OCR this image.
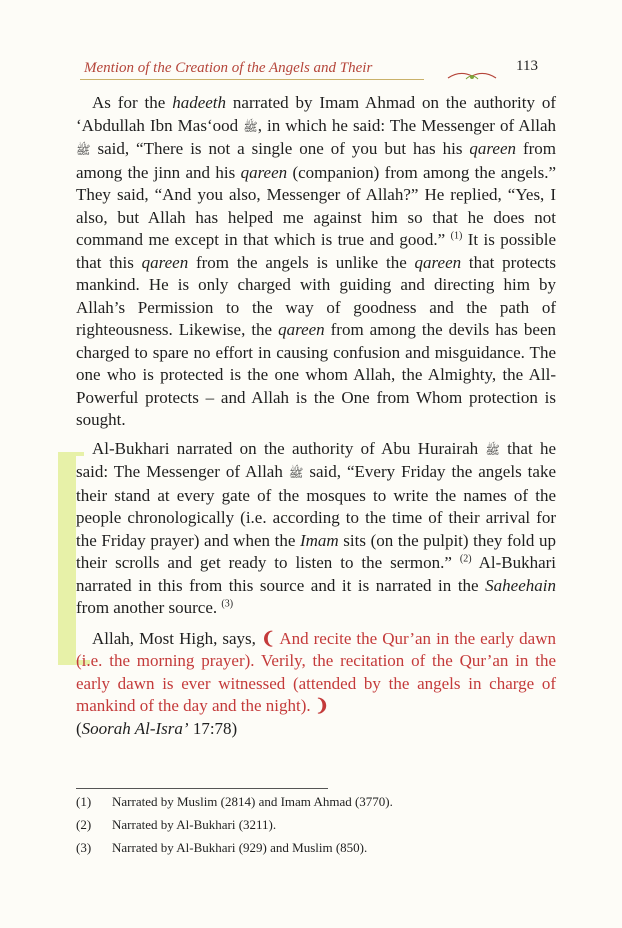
Mention of the Creation of the Angels and Their	113

As for the hadeeth narrated by Imam Ahmad on the authority of ‘Abdullah Ibn Mas‘ood ﷺ, in which he said: The Messenger of Allah ﷺ said, “There is not a single one of you but has his qareen from among the jinn and his qareen (companion) from among the angels.” They said, “And you also, Messenger of Allah?” He replied, “Yes, I also, but Allah has helped me against him so that he does not command me except in that which is true and good.” $^{(1)}$ It is possible that this qareen from the angels is unlike the qareen that protects mankind. He is only charged with guiding and directing him by Allah’s Permission to the way of goodness and the path of righteousness. Likewise, the qareen from among the devils has been charged to spare no effort in causing confusion and misguidance. The one who is protected is the one whom Allah, the Almighty, the All-Powerful protects – and Allah is the One from Whom protection is sought.

Al-Bukhari narrated on the authority of Abu Hurairah ﷺ that he said: The Messenger of Allah ﷺ said, “Every Friday the angels take their stand at every gate of the mosques to write the names of the people chronologically (i.e. according to the time of their arrival for the Friday prayer) and when the Imam sits (on the pulpit) they fold up their scrolls and get ready to listen to the sermon.” $^{(2)}$ Al-Bukhari narrated in this from this source and it is narrated in the Saheehain from another source. $^{(3)}$

Allah, Most High, says, ❨ And recite the Qur’an in the early dawn (i.e. the morning prayer). Verily, the recitation of the Qur’an in the early dawn is ever witnessed (attended by the angels in charge of mankind of the day and the night). ❩
(Soorah Al-Isra’ 17:78)

(1) Narrated by Muslim (2814) and Imam Ahmad (3770).
(2) Narrated by Al-Bukhari (3211).
(3) Narrated by Al-Bukhari (929) and Muslim (850).
